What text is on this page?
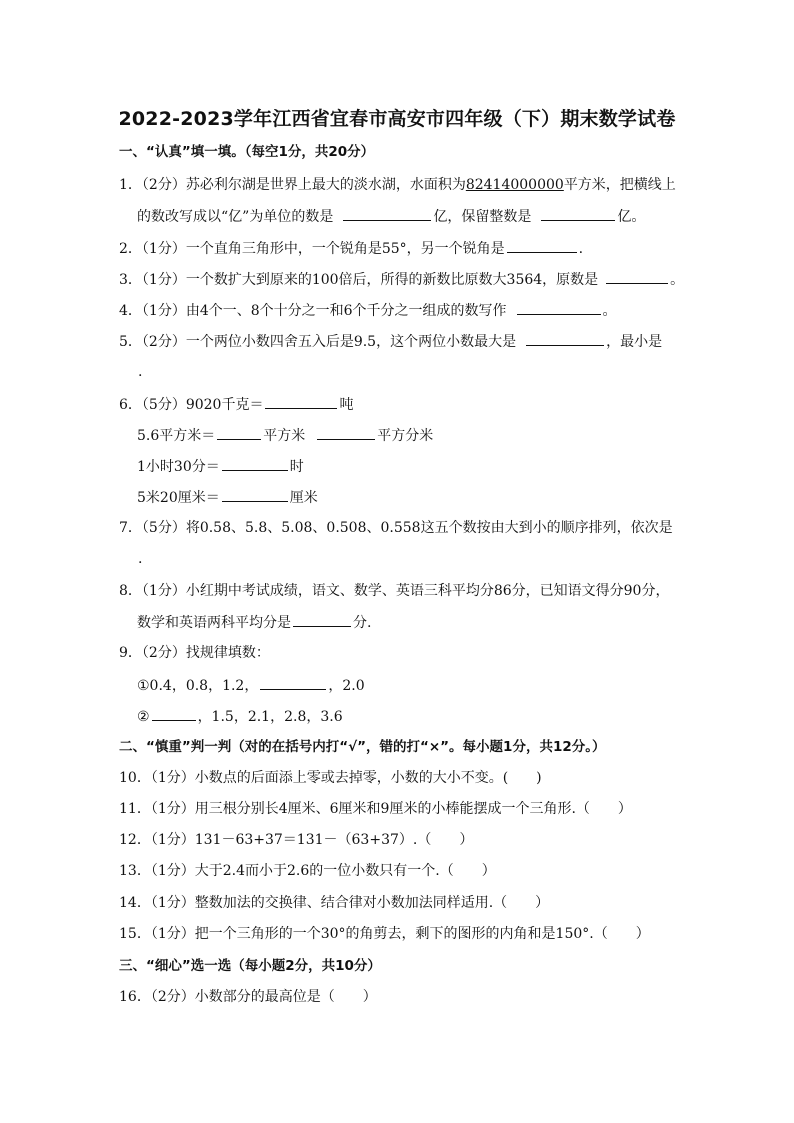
2022-2023学年江西省宜春市高安市四年级（下）期末数学试卷
一、“认真”填一填。（每空1分，共20分）
1．（2分）苏必利尔湖是世界上最大的淡水湖，水面积为82414000000平方米，把横线上
的数改写成以“亿”为单位的数是	亿，保留整数是	亿。
2．（1分）一个直角三角形中，一个锐角是55°，另一个锐角是	.
3．（1分）一个数扩大到原来的100倍后，所得的新数比原数大3564，原数是	。
4．（1分）由4个一、8个十分之一和6个千分之一组成的数写作	。
5．（2分）一个两位小数四舍五入后是9.5，这个两位小数最大是	，最小是
.
6．（5分）9020千克＝	吨
5.6平方米＝	平方米	平方分米
1小时30分＝	时
5米20厘米＝	厘米
7．（5分）将0.58、5.8、5.08、0.508、0.558这五个数按由大到小的顺序排列，依次是
.
8．（1分）小红期中考试成绩，语文、数学、英语三科平均分86分，已知语文得分90分，
数学和英语两科平均分是	分.
9．（2分）找规律填数：
①0.4，0.8，1.2，	，2.0
②	，1.5，2.1，2.8，3.6
二、“慎重”判一判（对的在括号内打“√”，错的打“×”。每小题1分，共12分。）
10．（1分）小数点的后面添上零或去掉零，小数的大小不变。(　　)
11．（1分）用三根分别长4厘米、6厘米和9厘米的小棒能摆成一个三角形.（　　）
12．（1分）131－63+37＝131－（63+37）.（　　）
13．（1分）大于2.4而小于2.6的一位小数只有一个.（　　）
14．（1分）整数加法的交换律、结合律对小数加法同样适用.（　　）
15．（1分）把一个三角形的一个30°的角剪去，剩下的图形的内角和是150°.（　　）
三、“细心”选一选（每小题2分，共10分）
16．（2分）小数部分的最高位是（　　）
